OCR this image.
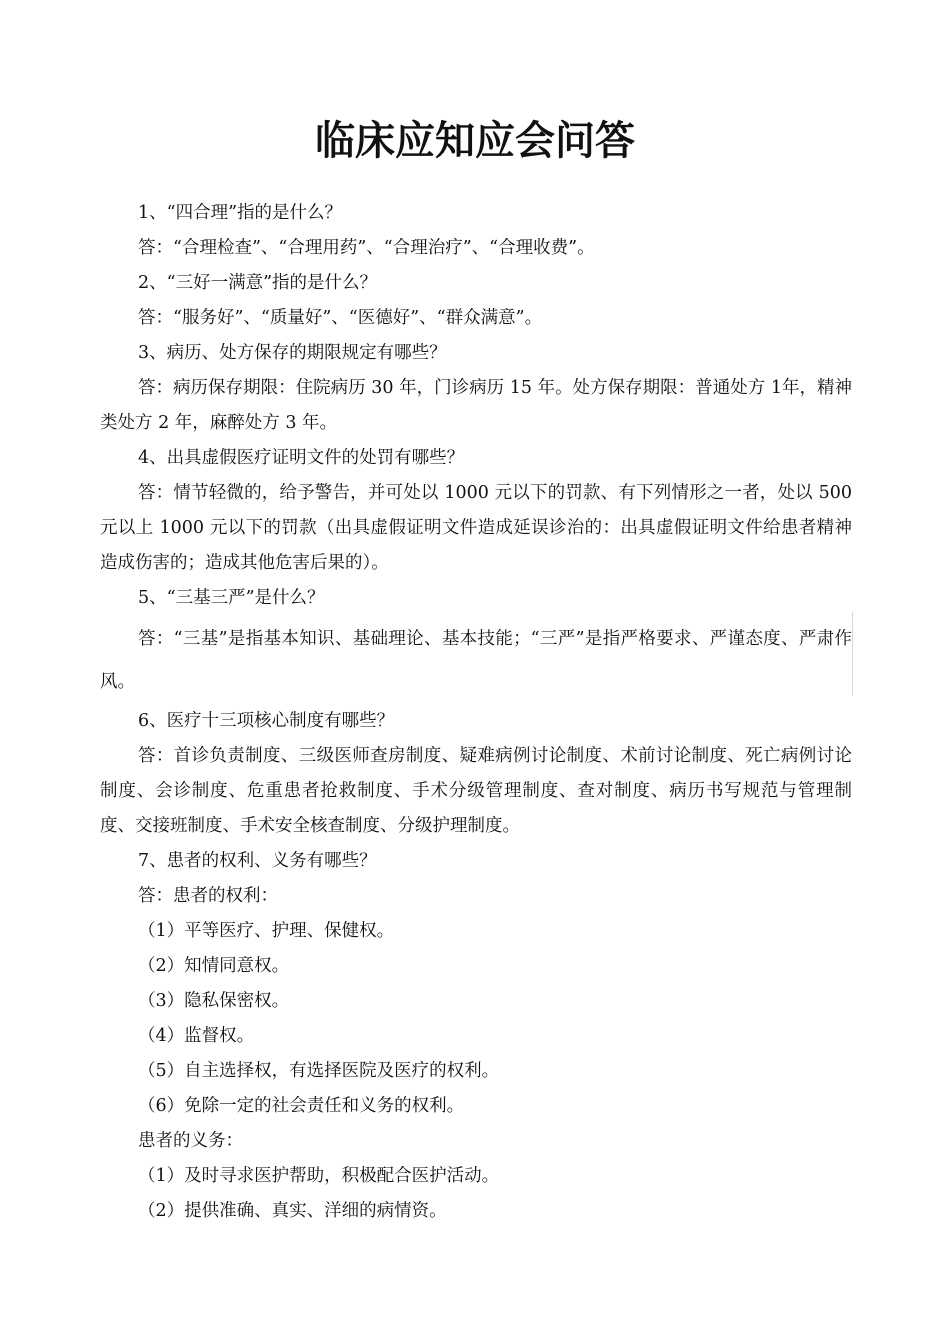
临床应知应会问答

1、“四合理”指的是什么？

答：“合理检查”、“合理用药”、“合理治疗”、“合理收费”。

2、“三好一满意”指的是什么？

答：“服务好”、“质量好”、“医德好”、“群众满意”。

3、病历、处方保存的期限规定有哪些？

答：病历保存期限：住院病历 30 年，门诊病历 15 年。处方保存期限：普通处方 1年，精神类处方 2 年，麻醉处方 3 年。

4、出具虚假医疗证明文件的处罚有哪些？

答：情节轻微的，给予警告，并可处以 1000 元以下的罚款、有下列情形之一者，处以 500 元以上 1000 元以下的罚款（出具虚假证明文件造成延误诊治的：出具虚假证明文件给患者精神造成伤害的；造成其他危害后果的）。

5、“三基三严”是什么？

答：“三基”是指基本知识、基础理论、基本技能；“三严”是指严格要求、严谨态度、严肃作风。

6、医疗十三项核心制度有哪些？

答：首诊负责制度、三级医师查房制度、疑难病例讨论制度、术前讨论制度、死亡病例讨论制度、会诊制度、危重患者抢救制度、手术分级管理制度、查对制度、病历书写规范与管理制度、交接班制度、手术安全核查制度、分级护理制度。

7、患者的权利、义务有哪些？

答：患者的权利：

（1）平等医疗、护理、保健权。

（2）知情同意权。

（3）隐私保密权。

（4）监督权。

（5）自主选择权，有选择医院及医疗的权利。

（6）免除一定的社会责任和义务的权利。

患者的义务：

（1）及时寻求医护帮助，积极配合医护活动。

（2）提供准确、真实、洋细的病情资。
